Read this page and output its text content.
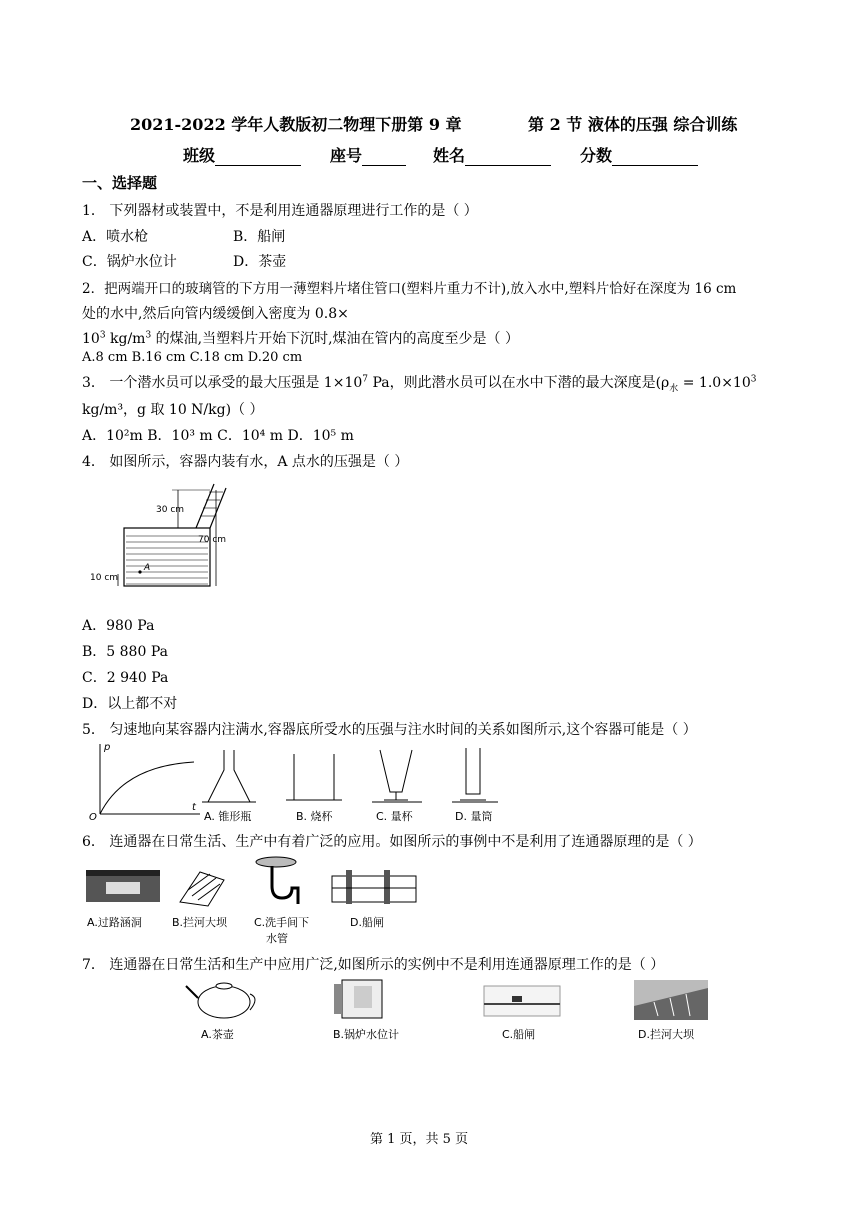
2021-2022 学年人教版初二物理下册第 9 章	第 2 节 液体的压强 综合训练
班级	座号	姓名	分数
一、选择题
1． 下列器材或装置中，不是利用连通器原理进行工作的是（ ）
A．喷水枪	B．船闸
C．锅炉水位计	D．茶壶
2．把两端开口的玻璃管的下方用一薄塑料片堵住管口(塑料片重力不计),放入水中,塑料片恰好在深度为 16 cm
处的水中,然后向管内缓缓倒入密度为 0.8×
$10^3$ $kg/m^3$ 的煤油,当塑料片开始下沉时,煤油在管内的高度至少是（ ）
A.8 cm B.16 cm C.18 cm D.20 cm
3． 一个潜水员可以承受的最大压强是 $1\times 10^7$ Pa，则此潜水员可以在水中下潜的最大深度是($\rho_水 = 1.0\times 10^3$
kg/m³，g 取 10 N/kg)（ ）
A．10²m B．10³ m C．10⁴ m D．10⁵ m
4． 如图所示，容器内装有水，A 点水的压强是（ ）
30 cm
70 cm
10 cm
A
A．980 Pa
B．5 880 Pa
C．2 940 Pa
D．以上都不对
5． 匀速地向某容器内注满水,容器底所受水的压强与注水时间的关系如图所示,这个容器可能是（ ）
p
O
t
A. 锥形瓶	B. 烧杯	C. 量杯	D. 量筒
6． 连通器在日常生活、生产中有着广泛的应用。如图所示的事例中不是利用了连通器原理的是（ ）
A.过路涵洞	B.拦河大坝 C.洗手间下
水管
D.船闸
7． 连通器在日常生活和生产中应用广泛,如图所示的实例中不是利用连通器原理工作的是（ ）
A.茶壶	B.锅炉水位计	C.船闸	D.拦河大坝
第 1 页，共 5 页
